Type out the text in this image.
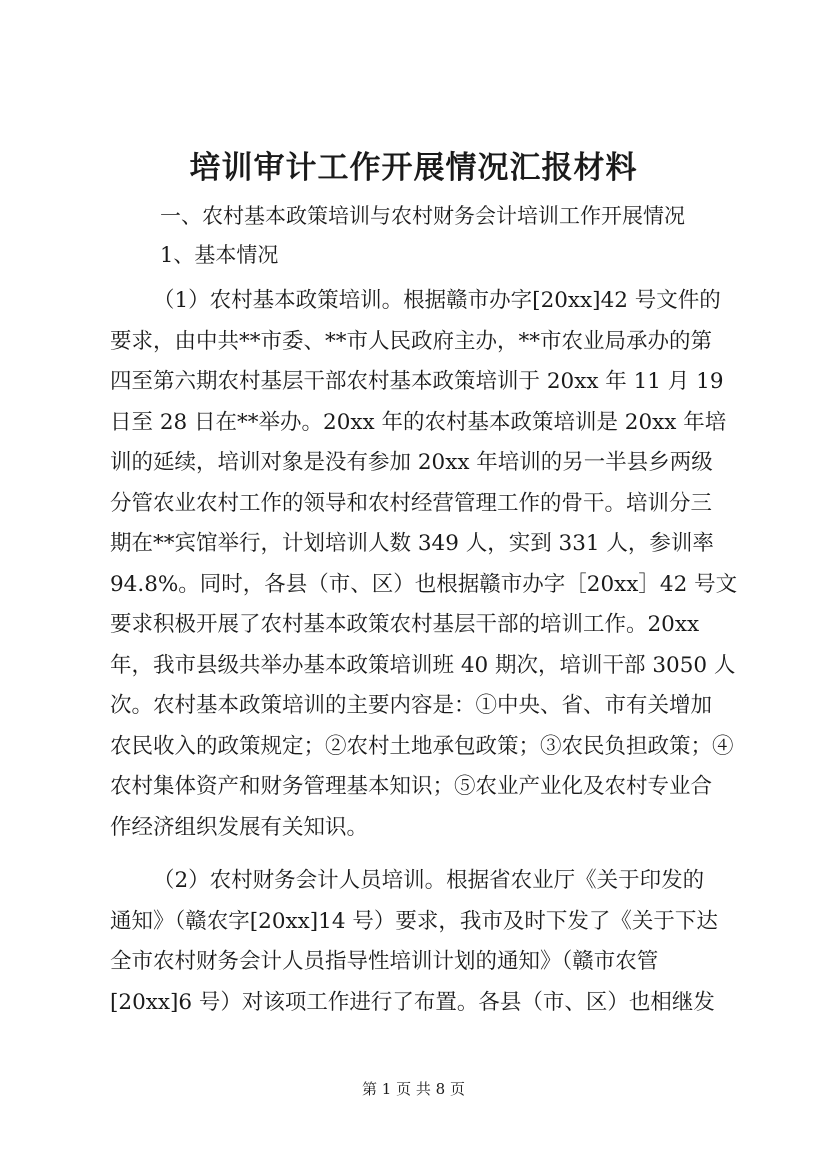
培训审计工作开展情况汇报材料

一、农村基本政策培训与农村财务会计培训工作开展情况

1、基本情况

（1）农村基本政策培训。根据赣市办字[20xx]42 号文件的
要求，由中共**市委、**市人民政府主办，**市农业局承办的第
四至第六期农村基层干部农村基本政策培训于 20xx 年 11 月 19
日至 28 日在**举办。20xx 年的农村基本政策培训是 20xx 年培
训的延续，培训对象是没有参加 20xx 年培训的另一半县乡两级
分管农业农村工作的领导和农村经营管理工作的骨干。培训分三
期在**宾馆举行，计划培训人数 349 人，实到 331 人，参训率
94.8%。同时，各县（市、区）也根据赣市办字［20xx］42 号文
要求积极开展了农村基本政策农村基层干部的培训工作。20xx
年，我市县级共举办基本政策培训班 40 期次，培训干部 3050 人
次。农村基本政策培训的主要内容是：①中央、省、市有关增加
农民收入的政策规定；②农村土地承包政策；③农民负担政策；④
农村集体资产和财务管理基本知识；⑤农业产业化及农村专业合
作经济组织发展有关知识。

（2）农村财务会计人员培训。根据省农业厅《关于印发的
通知》（赣农字[20xx]14 号）要求，我市及时下发了《关于下达
全市农村财务会计人员指导性培训计划的通知》（赣市农管
[20xx]6 号）对该项工作进行了布置。各县（市、区）也相继发

第 1 页 共 8 页
